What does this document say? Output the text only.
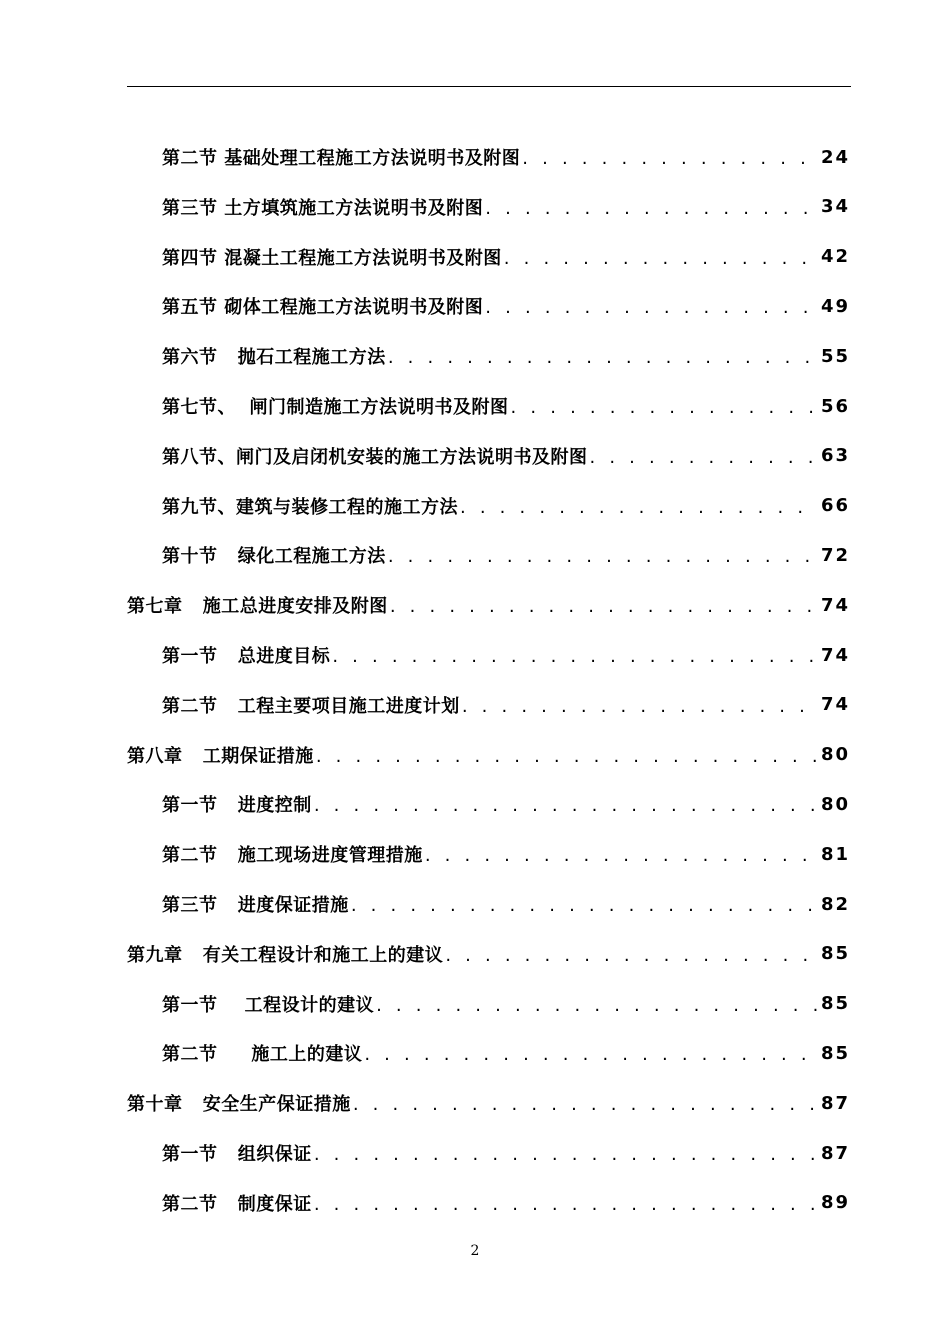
第二节 基础处理工程施工方法说明书及附图 . . .	24
第三节 土方填筑施工方法说明书及附图 . . .	34
第四节 混凝土工程施工方法说明书及附图 . . .	42
第五节 砌体工程施工方法说明书及附图 . . .	49
第六节   抛石工程施工方法 . . .	55
第七节、  闸门制造施工方法说明书及附图 . . .	56
第八节、闸门及启闭机安装的施工方法说明书及附图 . . .	63
第九节、建筑与装修工程的施工方法 . . .	66
第十节   绿化工程施工方法 . . .	72
第七章   施工总进度安排及附图 . . .	74
第一节   总进度目标 . . .	74
第二节   工程主要项目施工进度计划 . . .	74
第八章   工期保证措施 . . .	80
第一节   进度控制 . . .	80
第二节   施工现场进度管理措施 . . .	81
第三节   进度保证措施 . . .	82
第九章   有关工程设计和施工上的建议 . . .	85
第一节    工程设计的建议 . . .	85
第二节     施工上的建议 . . .	85
第十章   安全生产保证措施 . . .	87
第一节   组织保证 . . .	87
第二节   制度保证 . . .	89
2
